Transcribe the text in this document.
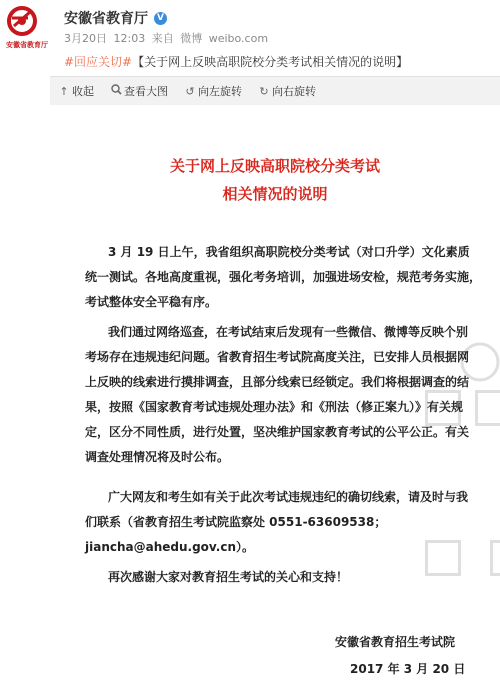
安徽省教育厅
安徽省教育厅	V
3月20日 12:03 来自 微博 weibo.com
#回应关切#【关于网上反映高职院校分类考试相关情况的说明】
↑ 收起	查看大图 ↺ 向左旋转 ↻ 向右旋转
关于网上反映高职院校分类考试
相关情况的说明
3 月 19 日上午，我省组织高职院校分类考试（对口升学）文化素质
统一测试。各地高度重视，强化考务培训，加强进场安检，规范考务实施，
考试整体安全平稳有序。
我们通过网络巡查，在考试结束后发现有一些微信、微博等反映个别
考场存在违规违纪问题。省教育招生考试院高度关注，已安排人员根据网
上反映的线索进行摸排调查，且部分线索已经锁定。我们将根据调查的结
果，按照《国家教育考试违规处理办法》和《刑法（修正案九）》有关规
定，区分不同性质，进行处置，坚决维护国家教育考试的公平公正。有关
调查处理情况将及时公布。
广大网友和考生如有关于此次考试违规违纪的确切线索，请及时与我
们联系（省教育招生考试院监察处 0551-63609538；
jiancha@ahedu.gov.cn）。
再次感谢大家对教育招生考试的关心和支持！
安徽省教育招生考试院
2017 年 3 月 20 日
